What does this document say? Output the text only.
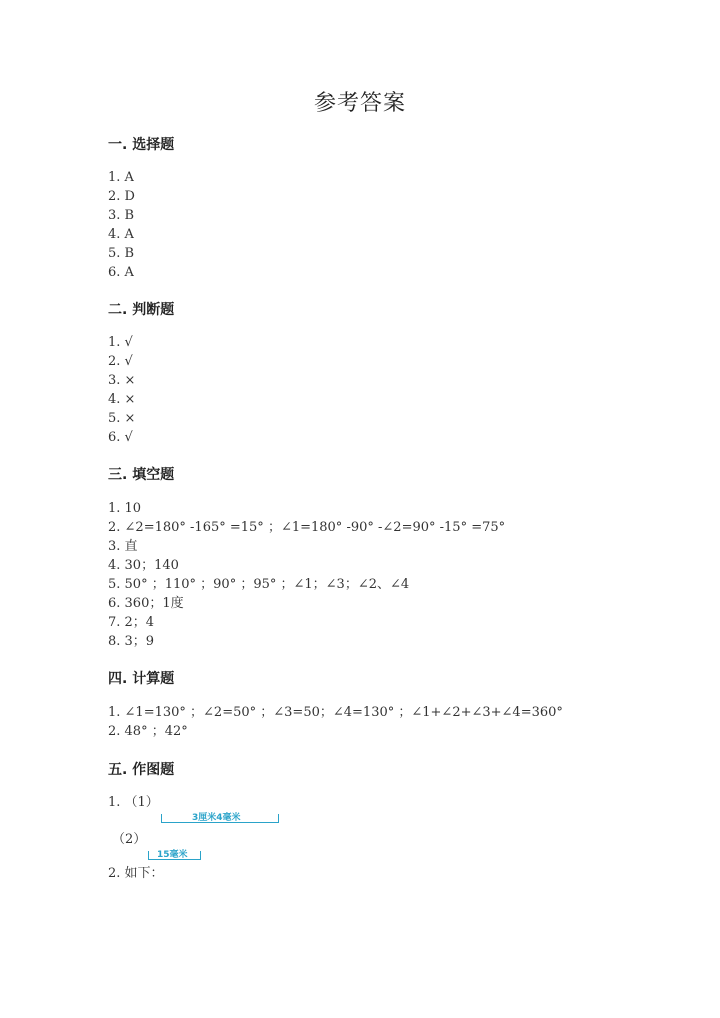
参考答案
一. 选择题
1. A
2. D
3. B
4. A
5. B
6. A
二. 判断题
1. √
2. √
3. ×
4. ×
5. ×
6. √
三. 填空题
1. 10
2. ∠2=180° -165° =15° ；∠1=180° -90° -∠2=90° -15° =75°
3. 直
4. 30；140
5. 50° ；110° ；90° ；95° ；∠1；∠3；∠2、∠4
6. 360；1度
7. 2；4
8. 3；9
四. 计算题
1. ∠1=130° ；∠2=50° ；∠3=50；∠4=130° ；∠1+∠2+∠3+∠4=360°
2. 48° ；42°
五. 作图题
1. （1）
3厘米4毫米
（2）
15毫米
2. 如下：
